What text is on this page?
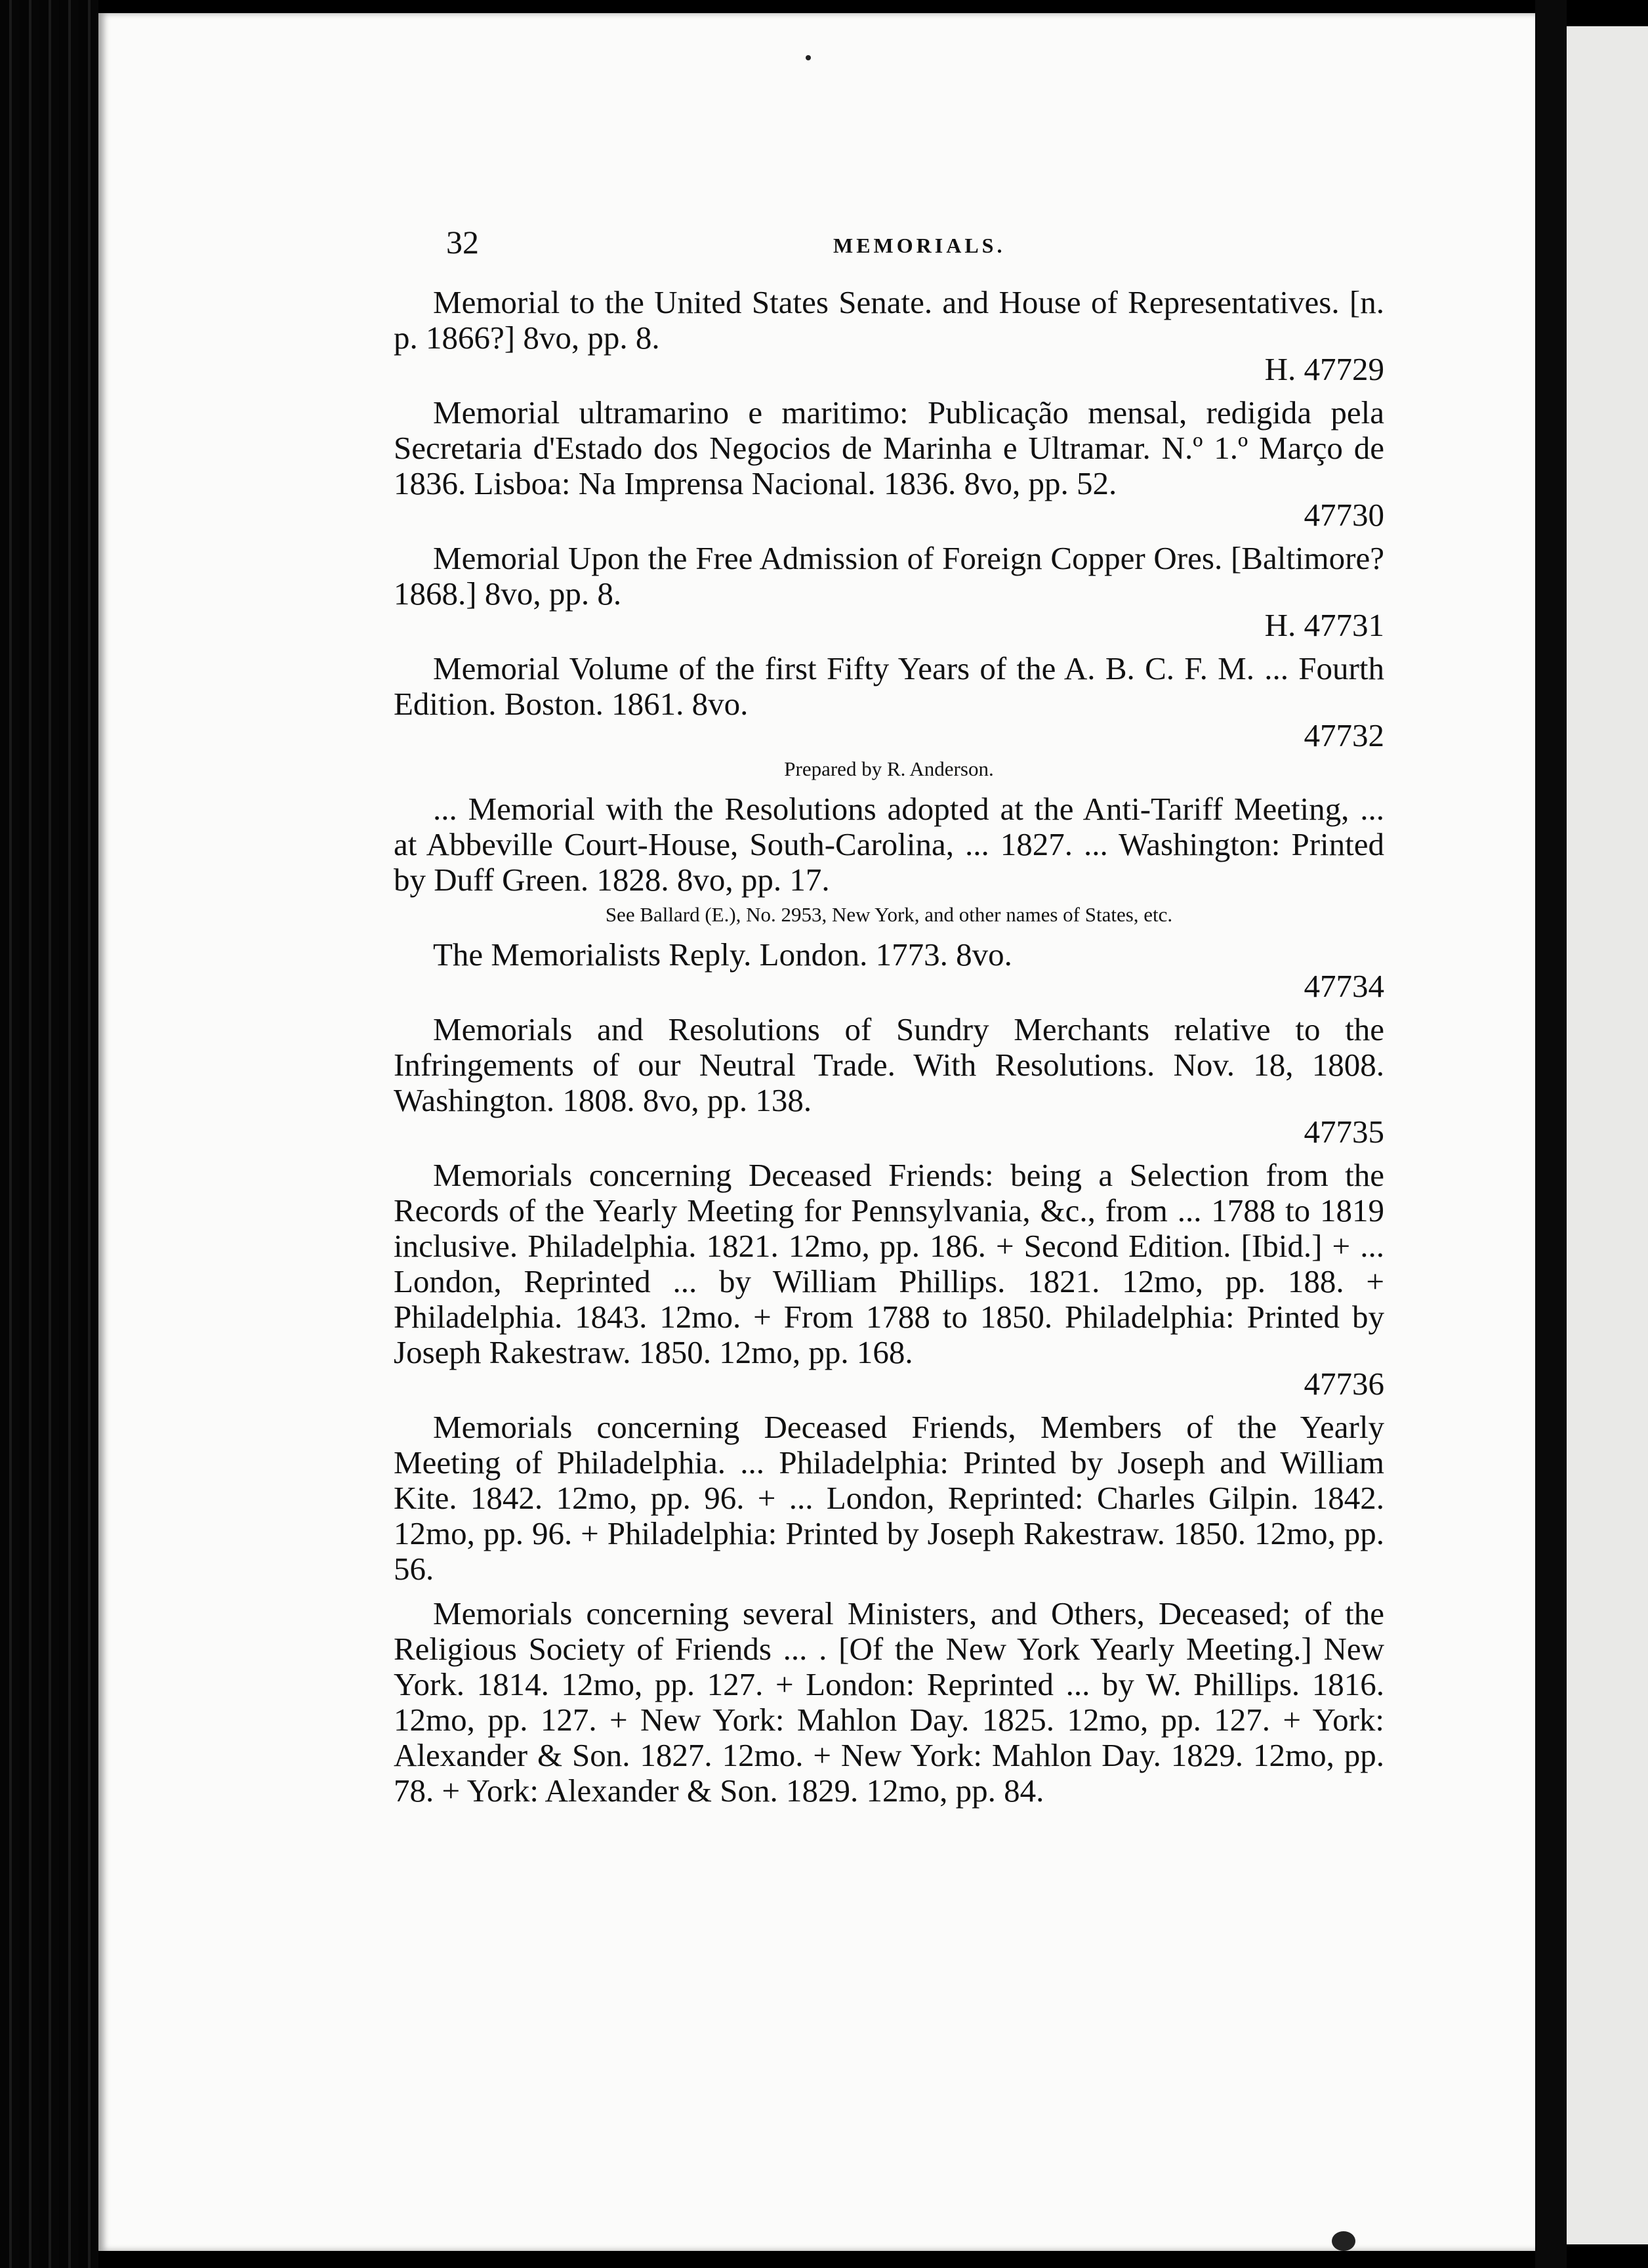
32	MEMORIALS.

Memorial to the United States Senate. and House of Representatives. [n. p. 1866?] 8vo, pp. 8.

H. 47729

Memorial ultramarino e maritimo: Publicação mensal, redigida pela Secretaria d'Estado dos Negocios de Marinha e Ultramar. N.º 1.º Março de 1836. Lisboa: Na Imprensa Nacional. 1836. 8vo, pp. 52.

47730

Memorial Upon the Free Admission of Foreign Copper Ores. [Baltimore? 1868.] 8vo, pp. 8.

H. 47731

Memorial Volume of the first Fifty Years of the A. B. C. F. M. ... Fourth Edition. Boston. 1861. 8vo.

47732
Prepared by R. Anderson.

... Memorial with the Resolutions adopted at the Anti-Tariff Meeting, ... at Abbeville Court-House, South-Carolina, ... 1827. ... Washington: Printed by Duff Green. 1828. 8vo, pp. 17.

See Ballard (E.), No. 2953, New York, and other names of States, etc.

The Memorialists Reply. London. 1773. 8vo.

47734

Memorials and Resolutions of Sundry Merchants relative to the Infringements of our Neutral Trade. With Resolutions. Nov. 18, 1808. Washington. 1808. 8vo, pp. 138.

47735

Memorials concerning Deceased Friends: being a Selection from the Records of the Yearly Meeting for Pennsylvania, &c., from ... 1788 to 1819 inclusive. Philadelphia. 1821. 12mo, pp. 186. + Second Edition. [Ibid.] + ... London, Reprinted ... by William Phillips. 1821. 12mo, pp. 188. + Philadelphia. 1843. 12mo. + From 1788 to 1850. Philadelphia: Printed by Joseph Rakestraw. 1850. 12mo, pp. 168.

47736

Memorials concerning Deceased Friends, Members of the Yearly Meeting of Philadelphia. ... Philadelphia: Printed by Joseph and William Kite. 1842. 12mo, pp. 96. + ... London, Reprinted: Charles Gilpin. 1842. 12mo, pp. 96. + Philadelphia: Printed by Joseph Rakestraw. 1850. 12mo, pp. 56.

Memorials concerning several Ministers, and Others, Deceased; of the Religious Society of Friends ... . [Of the New York Yearly Meeting.] New York. 1814. 12mo, pp. 127. + London: Reprinted ... by W. Phillips. 1816. 12mo, pp. 127. + New York: Mahlon Day. 1825. 12mo, pp. 127. + York: Alexander & Son. 1827. 12mo. + New York: Mahlon Day. 1829. 12mo, pp. 78. + York: Alexander & Son. 1829. 12mo, pp. 84.
